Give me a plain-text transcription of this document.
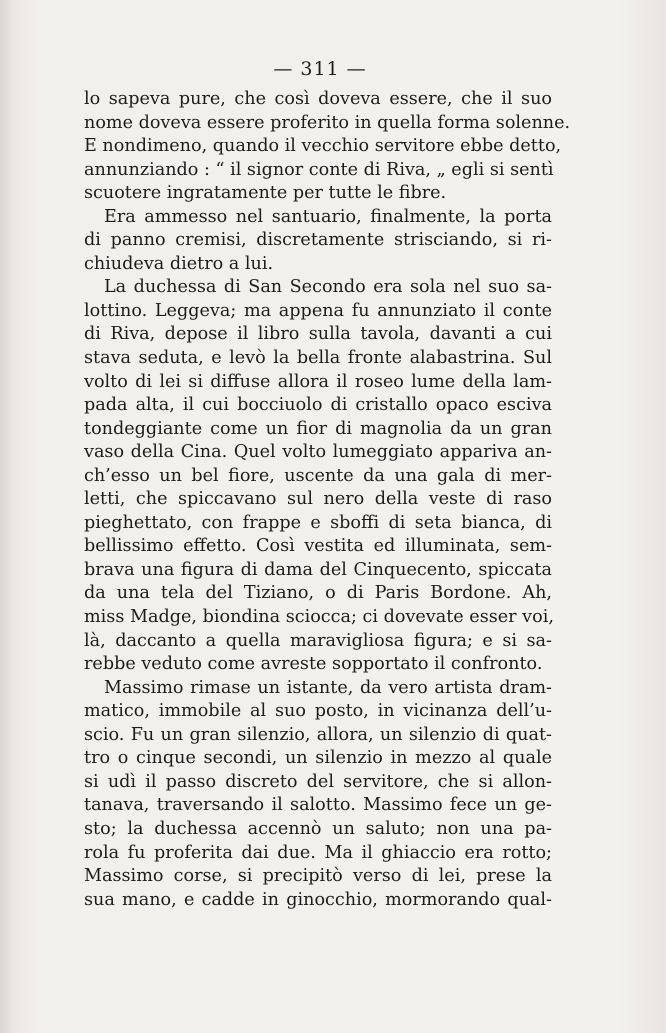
— 311 —
lo sapeva pure, che così doveva essere, che il suo
nome doveva essere proferito in quella forma solenne.
E nondimeno, quando il vecchio servitore ebbe detto,
annunziando : “ il signor conte di Riva, „ egli si sentì
scuotere ingratamente per tutte le fibre.
Era ammesso nel santuario, finalmente, la porta
di panno cremisi, discretamente strisciando, si ri-
chiudeva dietro a lui.
La duchessa di San Secondo era sola nel suo sa-
lottino. Leggeva; ma appena fu annunziato il conte
di Riva, depose il libro sulla tavola, davanti a cui
stava seduta, e levò la bella fronte alabastrina. Sul
volto di lei si diffuse allora il roseo lume della lam-
pada alta, il cui bocciuolo di cristallo opaco esciva
tondeggiante come un fior di magnolia da un gran
vaso della Cina. Quel volto lumeggiato appariva an-
ch’esso un bel fiore, uscente da una gala di mer-
letti, che spiccavano sul nero della veste di raso
pieghettato, con frappe e sboffi di seta bianca, di
bellissimo effetto. Così vestita ed illuminata, sem-
brava una figura di dama del Cinquecento, spiccata
da una tela del Tiziano, o di Paris Bordone. Ah,
miss Madge, biondina sciocca; ci dovevate esser voi,
là, daccanto a quella maravigliosa figura; e si sa-
rebbe veduto come avreste sopportato il confronto.
Massimo rimase un istante, da vero artista dram-
matico, immobile al suo posto, in vicinanza dell’u-
scio. Fu un gran silenzio, allora, un silenzio di quat-
tro o cinque secondi, un silenzio in mezzo al quale
si udì il passo discreto del servitore, che si allon-
tanava, traversando il salotto. Massimo fece un ge-
sto; la duchessa accennò un saluto; non una pa-
rola fu proferita dai due. Ma il ghiaccio era rotto;
Massimo corse, si precipitò verso di lei, prese la
sua mano, e cadde in ginocchio, mormorando qual-
